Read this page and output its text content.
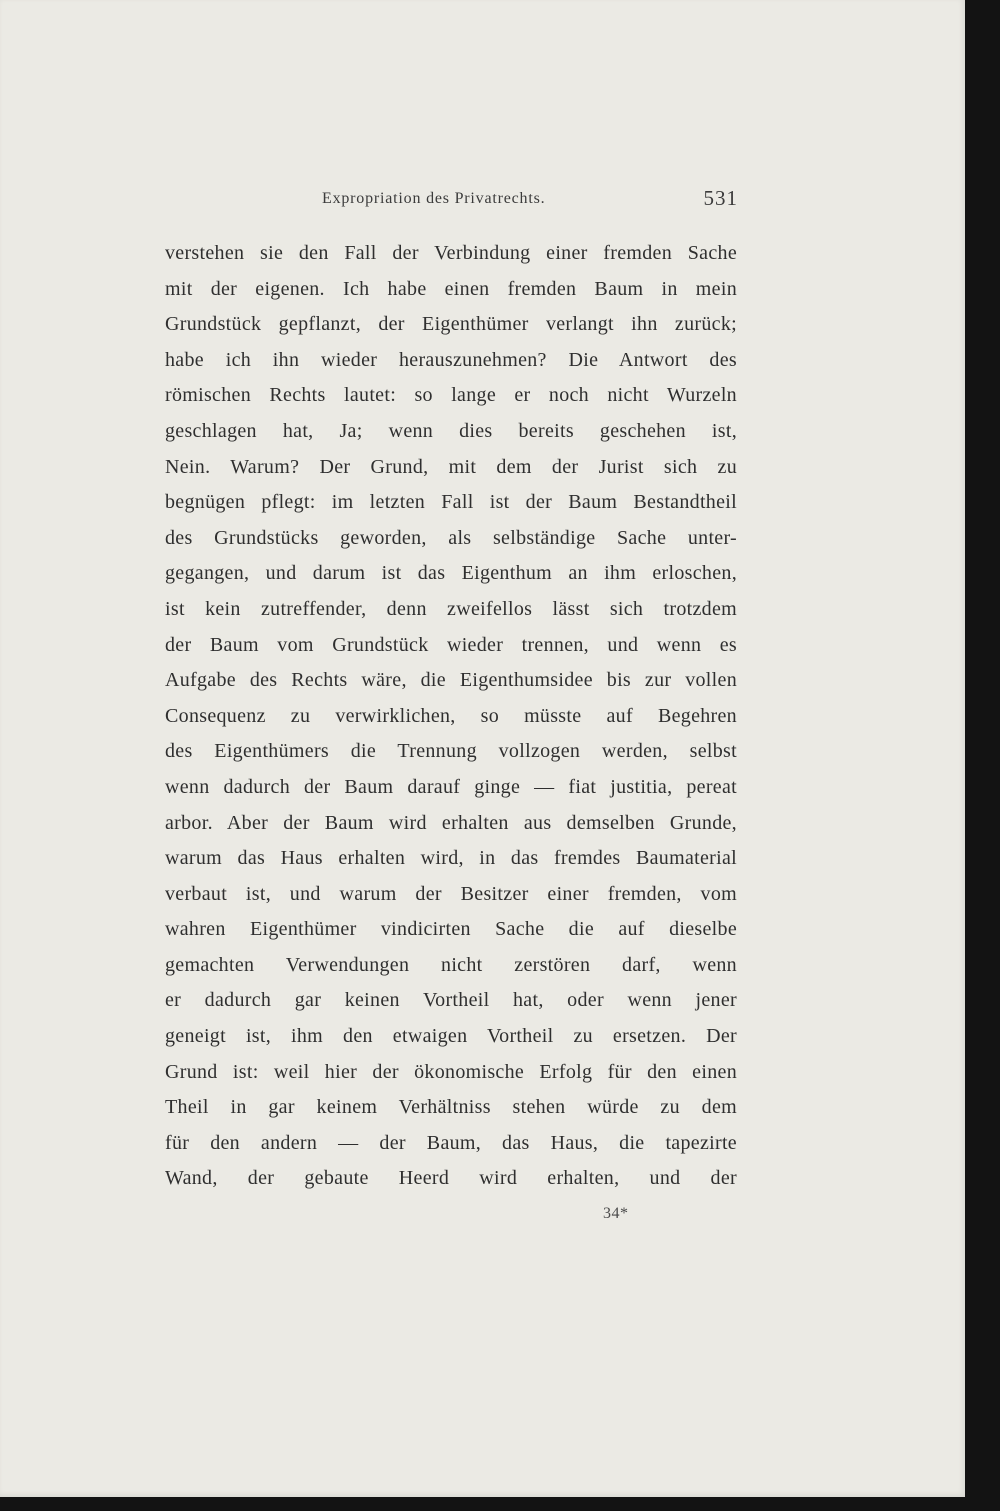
Expropriation des Privatrechts.	531
verstehen sie den Fall der Verbindung einer fremden Sache
mit der eigenen. Ich habe einen fremden Baum in mein
Grundstück gepflanzt, der Eigenthümer verlangt ihn zurück;
habe ich ihn wieder herauszunehmen? Die Antwort des
römischen Rechts lautet: so lange er noch nicht Wurzeln
geschlagen hat, Ja; wenn dies bereits geschehen ist,
Nein. Warum? Der Grund, mit dem der Jurist sich zu
begnügen pflegt: im letzten Fall ist der Baum Bestandtheil
des Grundstücks geworden, als selbständige Sache unter-
gegangen, und darum ist das Eigenthum an ihm erloschen,
ist kein zutreffender, denn zweifellos lässt sich trotzdem
der Baum vom Grundstück wieder trennen, und wenn es
Aufgabe des Rechts wäre, die Eigenthumsidee bis zur vollen
Consequenz zu verwirklichen, so müsste auf Begehren
des Eigenthümers die Trennung vollzogen werden, selbst
wenn dadurch der Baum darauf ginge — fiat justitia, pereat
arbor. Aber der Baum wird erhalten aus demselben Grunde,
warum das Haus erhalten wird, in das fremdes Baumaterial
verbaut ist, und warum der Besitzer einer fremden, vom
wahren Eigenthümer vindicirten Sache die auf dieselbe
gemachten Verwendungen nicht zerstören darf, wenn
er dadurch gar keinen Vortheil hat, oder wenn jener
geneigt ist, ihm den etwaigen Vortheil zu ersetzen. Der
Grund ist: weil hier der ökonomische Erfolg für den einen
Theil in gar keinem Verhältniss stehen würde zu dem
für den andern — der Baum, das Haus, die tapezirte
Wand, der gebaute Heerd wird erhalten, und der
34*
